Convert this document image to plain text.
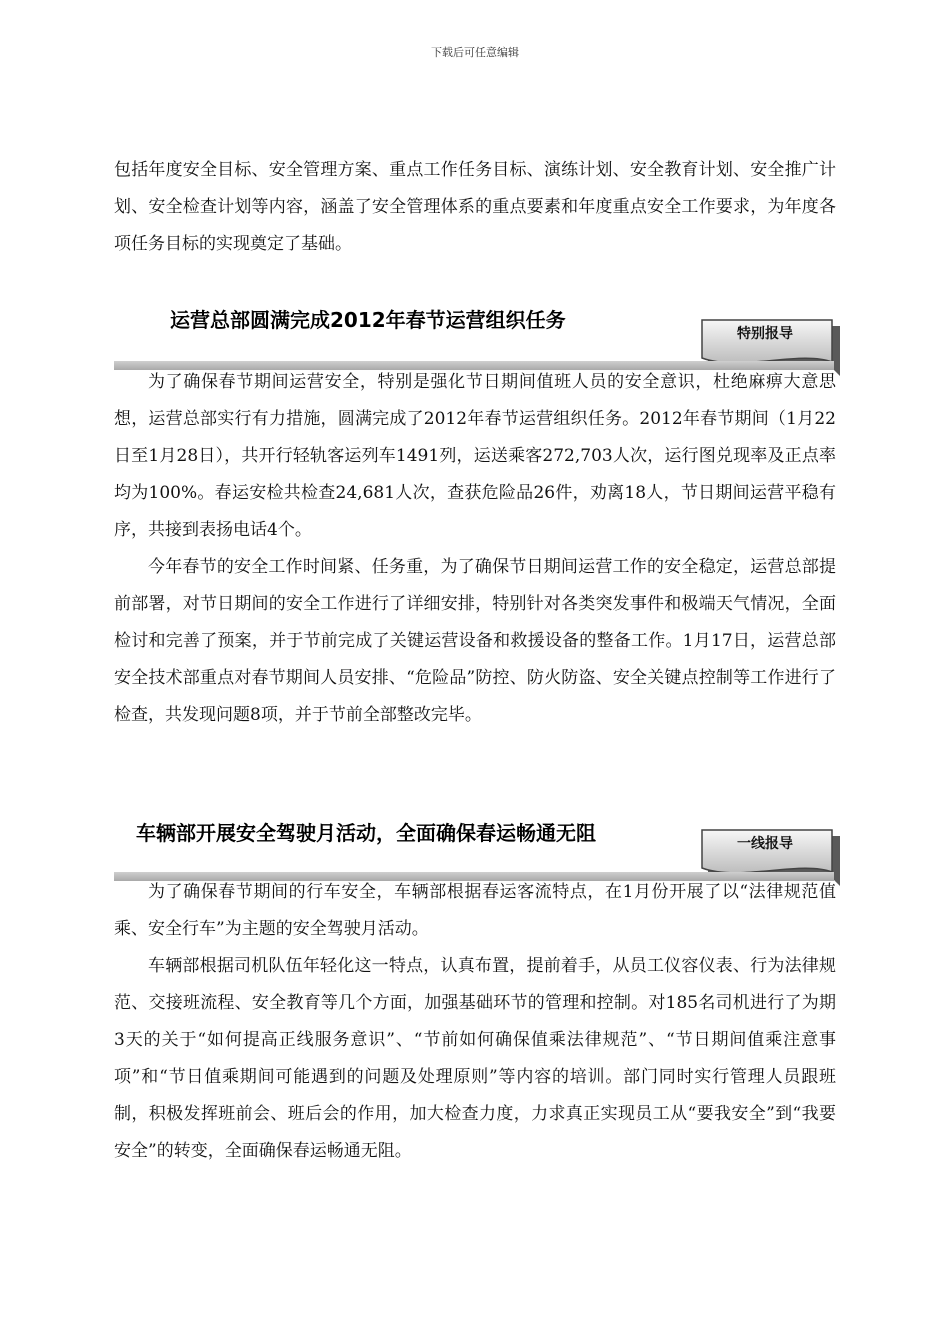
下载后可任意编辑

包括年度安全目标、安全管理方案、重点工作任务目标、演练计划、安全教育计划、安全推广计划、安全检查计划等内容，涵盖了安全管理体系的重点要素和年度重点安全工作要求，为年度各项任务目标的实现奠定了基础。

运营总部圆满完成2012年春节运营组织任务
特别报导

为了确保春节期间运营安全，特别是强化节日期间值班人员的安全意识，杜绝麻痹大意思想，运营总部实行有力措施，圆满完成了2012年春节运营组织任务。2012年春节期间（1月22日至1月28日），共开行轻轨客运列车1491列，运送乘客272,703人次，运行图兑现率及正点率均为100%。春运安检共检查24,681人次，查获危险品26件，劝离18人，节日期间运营平稳有序，共接到表扬电话4个。

今年春节的安全工作时间紧、任务重，为了确保节日期间运营工作的安全稳定，运营总部提前部署，对节日期间的安全工作进行了详细安排，特别针对各类突发事件和极端天气情况，全面检讨和完善了预案，并于节前完成了关键运营设备和救援设备的整备工作。1月17日，运营总部安全技术部重点对春节期间人员安排、“危险品”防控、防火防盗、安全关键点控制等工作进行了检查，共发现问题8项，并于节前全部整改完毕。

车辆部开展安全驾驶月活动，全面确保春运畅通无阻	一线报导

为了确保春节期间的行车安全，车辆部根据春运客流特点，在1月份开展了以“法律规范值乘、安全行车”为主题的安全驾驶月活动。

车辆部根据司机队伍年轻化这一特点，认真布置，提前着手，从员工仪容仪表、行为法律规范、交接班流程、安全教育等几个方面，加强基础环节的管理和控制。对185名司机进行了为期3天的关于“如何提高正线服务意识”、“节前如何确保值乘法律规范”、“节日期间值乘注意事项”和“节日值乘期间可能遇到的问题及处理原则”等内容的培训。部门同时实行管理人员跟班制，积极发挥班前会、班后会的作用，加大检查力度，力求真正实现员工从“要我安全”到“我要安全”的转变，全面确保春运畅通无阻。
